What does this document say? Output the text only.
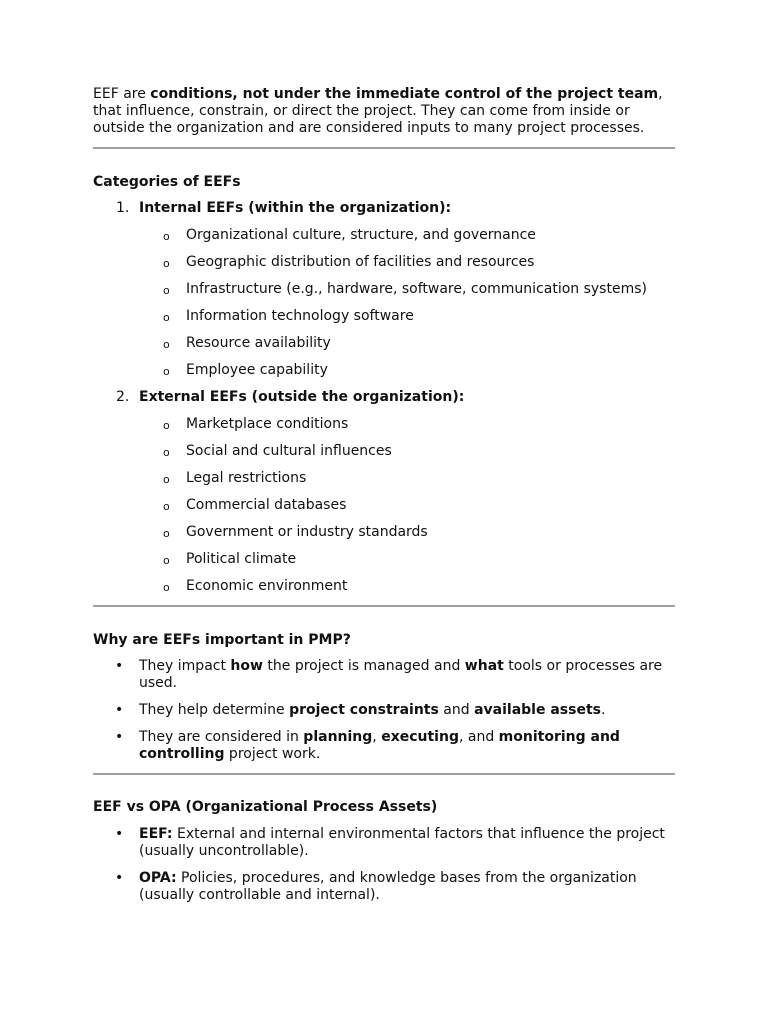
EEF are conditions, not under the immediate control of the project team, that influence, constrain, or direct the project. They can come from inside or outside the organization and are considered inputs to many project processes.

Categories of EEFs
1. Internal EEFs (within the organization):
o Organizational culture, structure, and governance
o Geographic distribution of facilities and resources
o Infrastructure (e.g., hardware, software, communication systems)
o Information technology software
o Resource availability
o Employee capability
2. External EEFs (outside the organization):
o Marketplace conditions
o Social and cultural influences
o Legal restrictions
o Commercial databases
o Government or industry standards
o Political climate
o Economic environment
Why are EEFs important in PMP?
• They impact how the project is managed and what tools or processes are used.
• They help determine project constraints and available assets.
• They are considered in planning, executing, and monitoring and controlling project work.
EEF vs OPA (Organizational Process Assets)
• EEF: External and internal environmental factors that influence the project (usually uncontrollable).
• OPA: Policies, procedures, and knowledge bases from the organization (usually controllable and internal).
